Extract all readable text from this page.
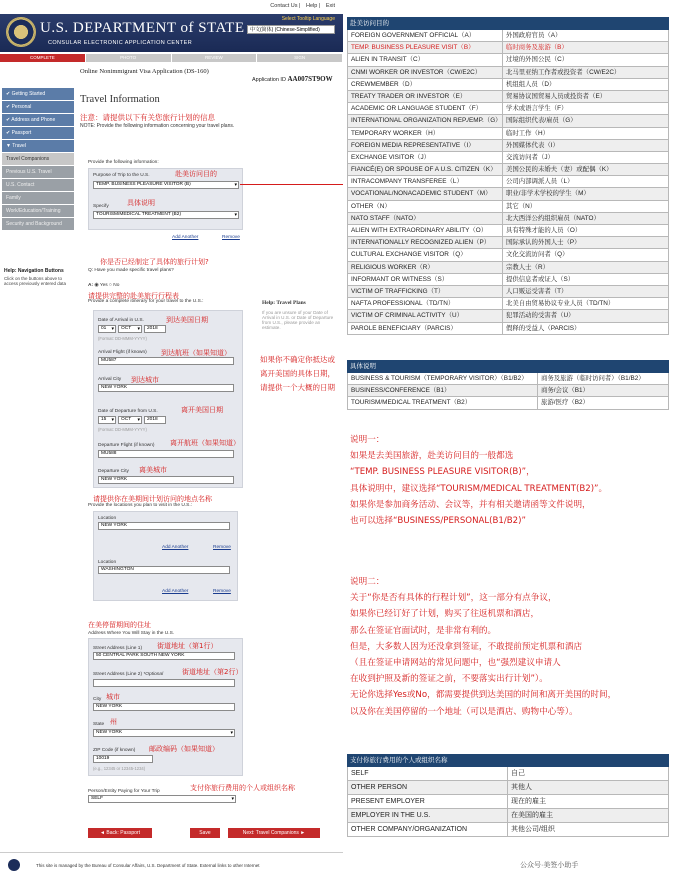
Contact Us | Help | Exit
U.S. DEPARTMENT of STATE
CONSULAR ELECTRONIC APPLICATION CENTER
Select Tooltip Language
中文(简体) (Chinese-Simplified)
COMPLETE	PHOTO	REVIEW	SIGN
Online Nonimmigrant Visa Application (DS-160)
Application ID AA007ST9OW
✔ Getting Started
✔ Personal
✔ Address and Phone
✔ Passport
▼ Travel
Travel Companions
Previous U.S. Travel
U.S. Contact
Family
Work/Education/Training
Security and Background
Help: Navigation Buttons
Click on the buttons above to access previously entered data
Travel Information
注意：请提供以下有关您旅行计划的信息
NOTE: Provide the following information concerning your travel plans.
Provide the following information:
Purpose of Trip to the U.S.	赴美访问目的
TEMP. BUSINESS PLEASURE VISITOR (B) ▾
Specify	具体说明
TOURISM/MEDICAL TREATMENT (B2) ▾
Add Another	Remove
你是否已经制定了具体的旅行计划?
Q: Have you made specific travel plans?
A: ◉ Yes ○ No
请提供完整的赴美旅行行程表
Provide a complete itinerary for your travel to the U.S.:	Help: Travel Plans
If you are unsure of your Date of Arrival in U.S. or Date of Departure from U.S., please provide an estimate.
如果你不确定你抵达或离开美国的具体日期，请提供一个大概的日期
Date of Arrival in U.S.	到达美国日期
01 ▾	OCT ▾	2018
(Format: DD-MMM-YYYY)
Arrival Flight (if known) 到达航班（如果知道）
MU587
Arrival City 到达城市
NEW YORK
Date of Departure from U.S.	离开美国日期
15 ▾	OCT ▾	2018
(Format: DD-MMM-YYYY)
Departure Flight (if known) 离开航班（如果知道）
MU588
Departure City 离美城市
NEW YORK
请提供你在美期间计划访问的地点名称
Provide the locations you plan to visit in the U.S.:
Location
NEW YORK
Add Another	Remove
Location
WASHINGTON
Add Another	Remove
在美停留期间的住址
Address Where You Will Stay in the U.S.
Street Address (Line 1) 街道地址（第1行）
50 CENTRAL PARK SOUTH NEW YORK
Street Address (Line 2) *Optional	街道地址（第2行）
City 城市
NEW YORK
State 州
NEW YORK ▾
ZIP Code (if known) 邮政编码（如果知道）
10019
(e.g., 12345 or 12345-1234)
Person/Entity Paying for Your Trip	支付你旅行费用的个人或组织名称
SELF ▾
◄ Back: Passport	Save	Next: Travel Companions ►
This site is managed by the Bureau of Consular Affairs, U.S. Department of State. External links to other Internet
赴美访问目的
FOREIGN GOVERNMENT OFFICIAL（A）	外国政府官员（A）
TEMP. BUSINESS PLEASURE VISIT（B）	临时商务及旅游（B）
ALIEN IN TRANSIT（C）	过境的外国公民（C）
CNMI WORKER OR INVESTOR（CW/E2C）	北马里亚纳工作者或投资者（CW/E2C）
CREWMEMBER（D）	机组组人员（D）
TREATY TRADER OR INVESTOR（E）	贸易协议国贸易人员或投资者（E）
ACADEMIC OR LANGUAGE STUDENT（F）	学术或语言学生（F）
INTERNATIONAL ORGANIZATION REP./EMP.（G） 国际组织代表/雇员（G）
TEMPORARY WORKER（H）	临时工作（H）
FOREIGN MEDIA REPRESENTATIVE（I）	外国媒体代表（I）
EXCHANGE VISITOR（J）	交流访问者（J）
FIANCÉ(E) OR SPOUSE OF A U.S. CITIZEN（K）	美国公民的未婚夫（妻）或配偶（K）
INTRACOMPANY TRANSFEREE（L）	公司内部调派人员（L）
VOCATIONAL/NONACADEMIC STUDENT（M）	职业/非学术学校的学生（M）
OTHER（N）	其它（N）
NATO STAFF（NATO）	北大西洋公约组织雇员（NATO）
ALIEN WITH EXTRAORDINARY ABILITY（O）	具有特殊才能的人员（O）
INTERNATIONALLY RECOGNIZED ALIEN（P）	国际承认的外国人士（P）
CULTURAL EXCHANGE VISITOR（Q）	文化交流访问者（Q）
RELIGIOUS WORKER（R）	宗教人士（R）
INFORMANT OR WITNESS（S）	提供信息者或证人（S）
VICTIM OF TRAFFICKING（T）	人口贩运受害者（T）
NAFTA PROFESSIONAL（TD/TN）	北美自由贸易协议专业人员（TD/TN）
VICTIM OF CRIMINAL ACTIVITY（U）	犯罪活动的受害者（U）
PAROLE BENEFICIARY（PARCIS）	假释的受益人（PARCIS）
具体说明
BUSINESS & TOURISM（TEMPORARY VISITOR）（B1/B2）	商务及旅游（临时访问者）（B1/B2）
BUSINESS/CONFERENCE（B1）	商务/会议（B1）
TOURISM/MEDICAL TREATMENT（B2）	旅游/医疗（B2）

说明一：

如果是去美国旅游，赴美访问目的一般都选

“TEMP. BUSINESS PLEASURE VISITOR(B)”，

具体说明中，建议选择“TOURISM/MEDICAL TREATMENT(B2)”。

如果你是参加商务活动、会议等，并有相关邀请函等文件说明，

也可以选择“BUSINESS/PERSONAL(B1/B2)”

说明二：

关于“你是否有具体的行程计划”，这一部分有点争议，

如果你已经订好了计划，购买了往返机票和酒店，

那么在签证官面试时，是非常有利的。

但是，大多数人因为还没拿到签证，不敢提前预定机票和酒店

（且在签证申请网站的常见问题中，也“强烈建议申请人

在收到护照及新的签证之前，不要落实出行计划”）。

无论你选择Yes或No，都需要提供到达美国的时间和离开美国的时间，

以及你在美国停留的一个地址（可以是酒店、购物中心等）。

支付你旅行费用的个人或组织名称
SELF	自己
OTHER PERSON	其他人
PRESENT EMPLOYER	现在的雇主
EMPLOYER IN THE U.S.	在美国的雇主
OTHER COMPANY/ORGANIZATION	其他公司/组织
公众号·美签小助手
